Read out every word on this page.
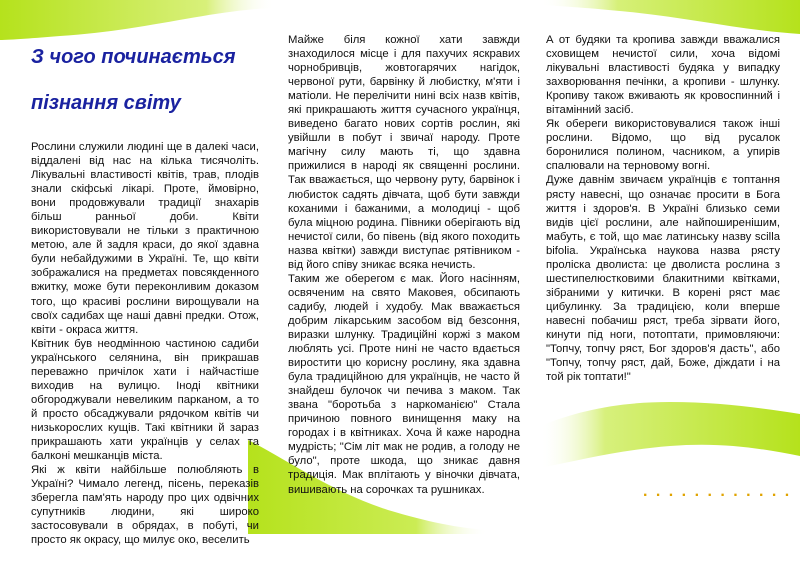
З чого починається
пізнання світу

Рослини служили людині ще в далекі часи, віддалені від нас на кілька тисячоліть. Лікувальні властивості квітів, трав, плодів знали скіфські лікарі. Проте, ймовірно, вони продовжували традиції знахарів більш ранньої доби. Квіти використовували не тільки з практичною метою, але й задля краси, до якої здавна були небайдужими в Україні. Те, що квіти зображалися на предметах повсякденного вжитку, може бути переконливим доказом того, що красиві рослини вирощували на своїх садибах ще наші давні предки. Отож, квіти - окраса життя.

Квітник був неодмінною частиною садиби українського селянина, він прикрашав переважно причілок хати і найчастіше виходив на вулицю. Іноді квітники обгороджували невеликим парканом, а то й просто обсаджували рядочком квітів чи низькорослих кущів. Такі квітники й зараз прикрашають хати українців у селах та балконі мешканців міста.

Які ж квіти найбільше полюбляють в Україні? Чимало легенд, пісень, переказів зберегла пам'ять народу про цих одвічних супутників людини, які широко застосовували в обрядах, в побуті, чи просто як окрасу, що милує око, веселить

Майже біля кожної хати завжди знаходилося місце і для пахучих яскравих чорнобривців, жовтогарячих нагідок, червоної рути, барвінку й любистку, м'яти і матіоли. Не перелічити нині всіх назв квітів, які прикрашають життя сучасного українця, виведено багато нових сортів рослин, які увійшли в побут і звичаї народу. Проте магічну силу мають ті, що здавна прижилися в народі як священні рослини. Так вважається, що червону руту, барвінок і любисток садять дівчата, щоб бути завжди коханими і бажаними, а молодиці - щоб була міцною родина. Півники оберігають від нечистої сили, бо півень (від якого походить назва квітки) завжди виступає рятівником - від його співу зникає всяка нечисть.

Таким же оберегом є мак. Його насінням, освяченим на свято Маковея, обсипають садибу, людей і худобу. Мак вважається добрим лікарським засобом від безсоння, виразки шлунку. Традиційні коржі з маком люблять усі. Проте нині не часто вдається виростити цю корисну рослину, яка здавна була традиційною для українців, не часто й знайдеш булочок чи печива з маком. Так звана "боротьба з наркоманією" Стала причиною повного винищення маку на городах і в квітниках. Хоча й каже народна мудрість; "Сім літ мак не родив, а голоду не було", проте шкода, що зникає давня традиція. Мак вплітають у віночки дівчата, вишивають на сорочках та рушниках.

А от будяки та кропива завжди вважалися сховищем нечистої сили, хоча відомі лікувальні властивості будяка у випадку захворювання печінки, а кропиви - шлунку. Кропиву також вживають як кровоспинний і вітамінний засіб.

Як обереги використовувалися також інші рослини. Відомо, що від русалок боронилися полином, часником, а упирів спалювали на терновому вогні.

Дуже давнім звичаєм українців є топтання рясту навесні, що означає просити в Бога життя і здоров'я. В Україні близько семи видів цієї рослини, але найпоширенішим, мабуть, є той, що має латинську назву scilla bifolia. Українська наукова назва рясту проліска дволиста: це дволиста рослина з шестипелюстковими блакитними квітками, зібраними у китички. В корені ряст має цибулинку. За традицією, коли вперше навесні побачиш ряст, треба зірвати його, кинути під ноги, потоптати, примовляючи: "Топчу, топчу ряст, Бог здоров'я дасть", або "Топчу, топчу ряст, дай, Боже, діждати і на той рік топтати!"

. . . . . . . . . . . .
